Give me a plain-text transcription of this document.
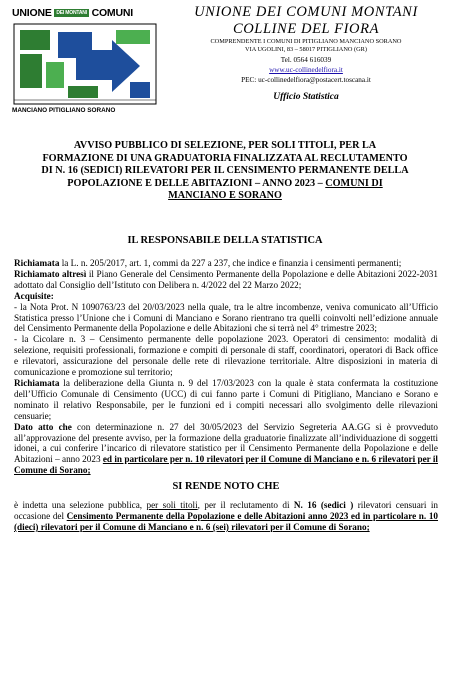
UNIONE DEI MONTANI COMUNI
MANCIANO PITIGLIANO SORANO
UNIONE DEI COMUNI MONTANI
COLLINE DEL FIORA
COMPRENDENTE I COMUNI DI PITIGLIANO MANCIANO SORANO
VIA UGOLINI, 83 – 58017 PITIGLIANO (GR)
Tel. 0564 616039
www.uc-collinedelfiora.it
PEC: uc-collinedelfiora@postacert.toscana.it
Ufficio Statistica
AVVISO PUBBLICO DI SELEZIONE, PER SOLI TITOLI, PER LA
FORMAZIONE DI UNA GRADUATORIA FINALIZZATA AL RECLUTAMENTO
DI N. 16 (SEDICI) RILEVATORI PER IL CENSIMENTO PERMANENTE DELLA
POPOLAZIONE E DELLE ABITAZIONI – ANNO 2023 – COMUNI DI
MANCIANO E SORANO
IL RESPONSABILE DELLA STATISTICA

Richiamata la L. n. 205/2017, art. 1, commi da 227 a 237, che indice e finanzia i censimenti permanenti;

Richiamato altresì il Piano Generale del Censimento Permanente della Popolazione e delle Abitazioni 2022-2031 adottato dal Consiglio dell’Istituto con Delibera n. 4/2022 del 22 Marzo 2022;

Acquisite:

- la Nota Prot. N 1090763/23 del 20/03/2023 nella quale, tra le altre incombenze, veniva comunicato all’Ufficio Statistica presso l’Unione che i Comuni di Manciano e Sorano rientrano tra quelli coinvolti nell’edizione annuale del Censimento Permanente della Popolazione e delle Abitazioni che si terrà nel 4° trimestre 2023;

- la Cicolare n. 3 – Censimento permanente delle popolazione 2023. Operatori di censimento: modalità di selezione, requisiti professionali, formazione e compiti di personale di staff, coordinatori, operatori di Back office e rilevatori, assicurazione del personale delle rete di rilevazione territoriale. Altre disposizioni in materia di comunicazione e promozione sul territorio;

Richiamata la deliberazione della Giunta n. 9 del 17/03/2023 con la quale è stata confermata la costituzione dell’Ufficio Comunale di Censimento (UCC) di cui fanno parte i Comuni di Pitigliano, Manciano e Sorano e nominato il relativo Responsabile, per le funzioni ed i compiti necessari allo svolgimento delle rilevazioni censuarie;

Dato atto che con determinazione n. 27 del 30/05/2023 del Servizio Segreteria AA.GG si è provveduto all’approvazione del presente avviso, per la formazione della graduatorie finalizzate all’individuazione di soggetti idonei, a cui conferire l’incarico di rilevatore statistico per il Censimento Permanente della Popolazione e delle Abitazioni – anno 2023 ed in particolare per n. 10 rilevatori per il Comune di Manciano e n. 6 rilevatori per il Comune di Sorano;

SI RENDE NOTO CHE

è indetta una selezione pubblica, per soli titoli, per il reclutamento di N. 16 (sedici ) rilevatori censuari in occasione del Censimento Permanente della Popolazione e delle Abitazioni anno 2023 ed in particolare n. 10 (dieci) rilevatori per il Comune di Manciano e n. 6 (sei) rilevatori per il Comune di Sorano;
